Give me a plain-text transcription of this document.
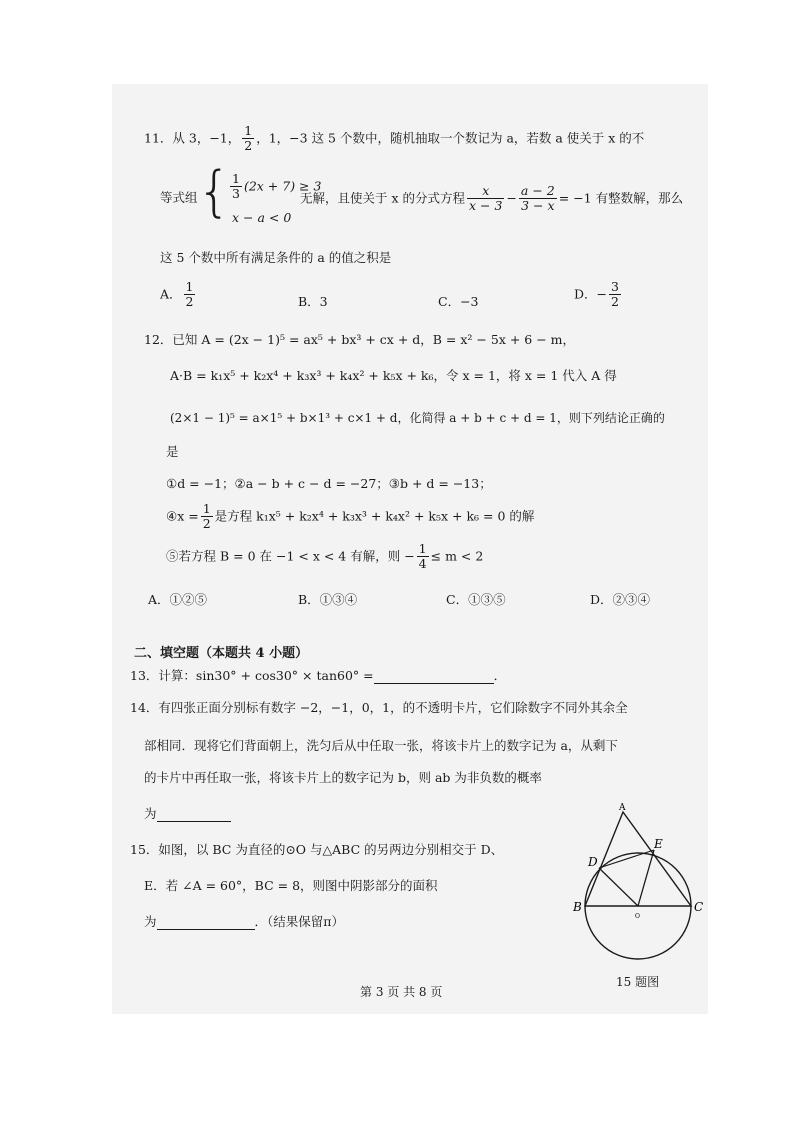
11．从 3，−1， $\frac{1}{2}$ ，1，−3 这 5 个数中，随机抽取一个数记为 a，若数 a 使关于 x 的不
等式组 {
$\frac{1}{3} (2x + 7) \ge 3$
x − a < 0
无解，且使关于 x 的分式方程 $\frac{x}{x - 3} - \frac{a - 2}{3 - x} = -1$ 有整数解，那么
这 5 个数中所有满足条件的 a 的值之积是
A． $\frac{1}{2}$	B．3	C．−3
D．− $\frac{3}{2}$
12．已知 A = (2x − 1)⁵ = ax⁵ + bx³ + cx + d，B = x² − 5x + 6 − m，
A·B = k₁x⁵ + k₂x⁴ + k₃x³ + k₄x² + k₅x + k₆，令 x = 1，将 x = 1 代入 A 得
(2×1 − 1)⁵ = a×1⁵ + b×1³ + c×1 + d，化简得 a + b + c + d = 1，则下列结论正确的
是
①d = −1；②a − b + c − d = −27；③b + d = −13；
④x = $\frac{1}{2}$ 是方程 k₁x⁵ + k₂x⁴ + k₃x³ + k₄x² + k₅x + k₆ = 0 的解
⑤若方程 B = 0 在 −1 < x < 4 有解，则 − $\frac{1}{4} \le m < 2$
A．①②⑤	B．①③④	C．①③⑤	D．②③④
二、填空题（本题共 4 小题）
13．计算：sin30° + cos30° × tan60° =	．
14．有四张正面分别标有数字 −2，−1，0，1，的不透明卡片，它们除数字不同外其余全
部相同．现将它们背面朝上，洗匀后从中任取一张，将该卡片上的数字记为 a，从剩下
的卡片中再任取一张，将该卡片上的数字记为 b，则 ab 为非负数的概率
为
15．如图，以 BC 为直径的⊙O 与△ABC 的另两边分别相交于 D、
E．若 ∠A = 60°，BC = 8，则图中阴影部分的面积
为	．（结果保留π）
A
D
E
B	C
O
15 题图
第 3 页 共 8 页
